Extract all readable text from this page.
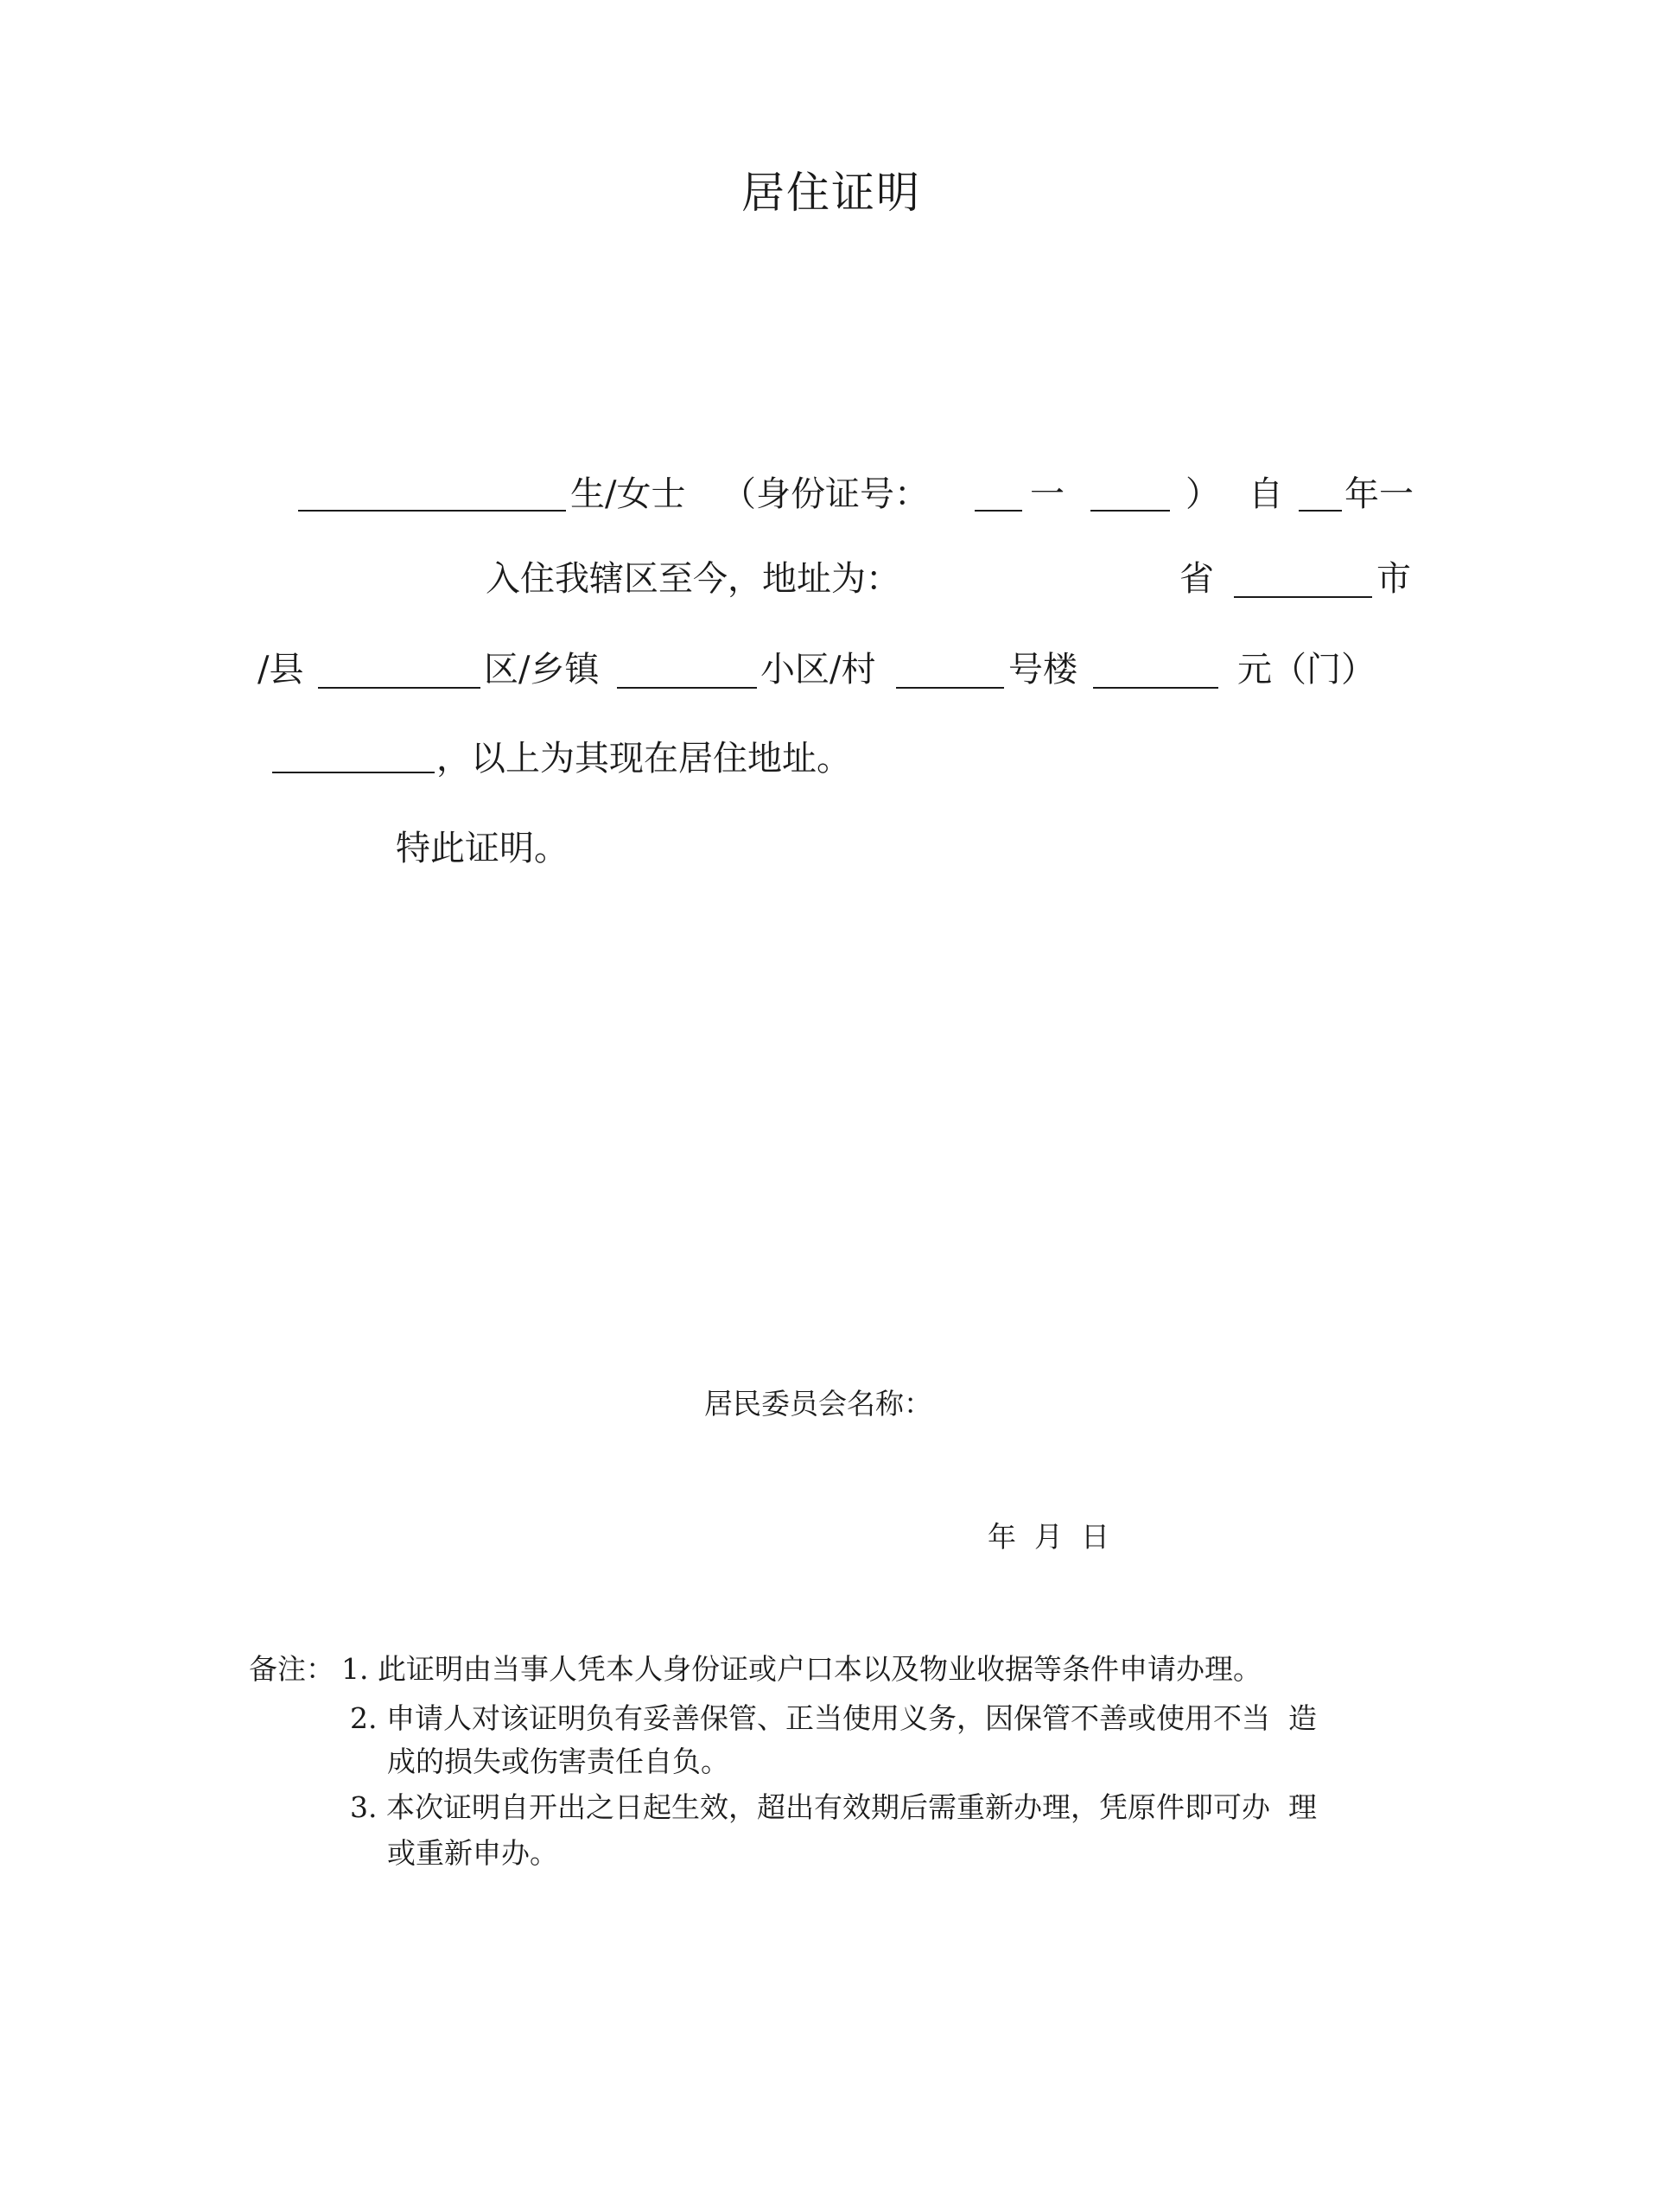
居住证明
生/女士 （身份证号：	一	） 自 年一
入住我辖区至今，地址为：	省	市
/县	区/乡镇	小区/村	号楼	元（门）
，以上为其现在居住地址。
特此证明。
居民委员会名称：
年  月  日
备注： 1. 此证明由当事人凭本人身份证或户口本以及物业收据等条件申请办理。
2. 申请人对该证明负有妥善保管、正当使用义务，因保管不善或使用不当  造
成的损失或伤害责任自负。
3. 本次证明自开出之日起生效，超出有效期后需重新办理，凭原件即可办  理
或重新申办。
